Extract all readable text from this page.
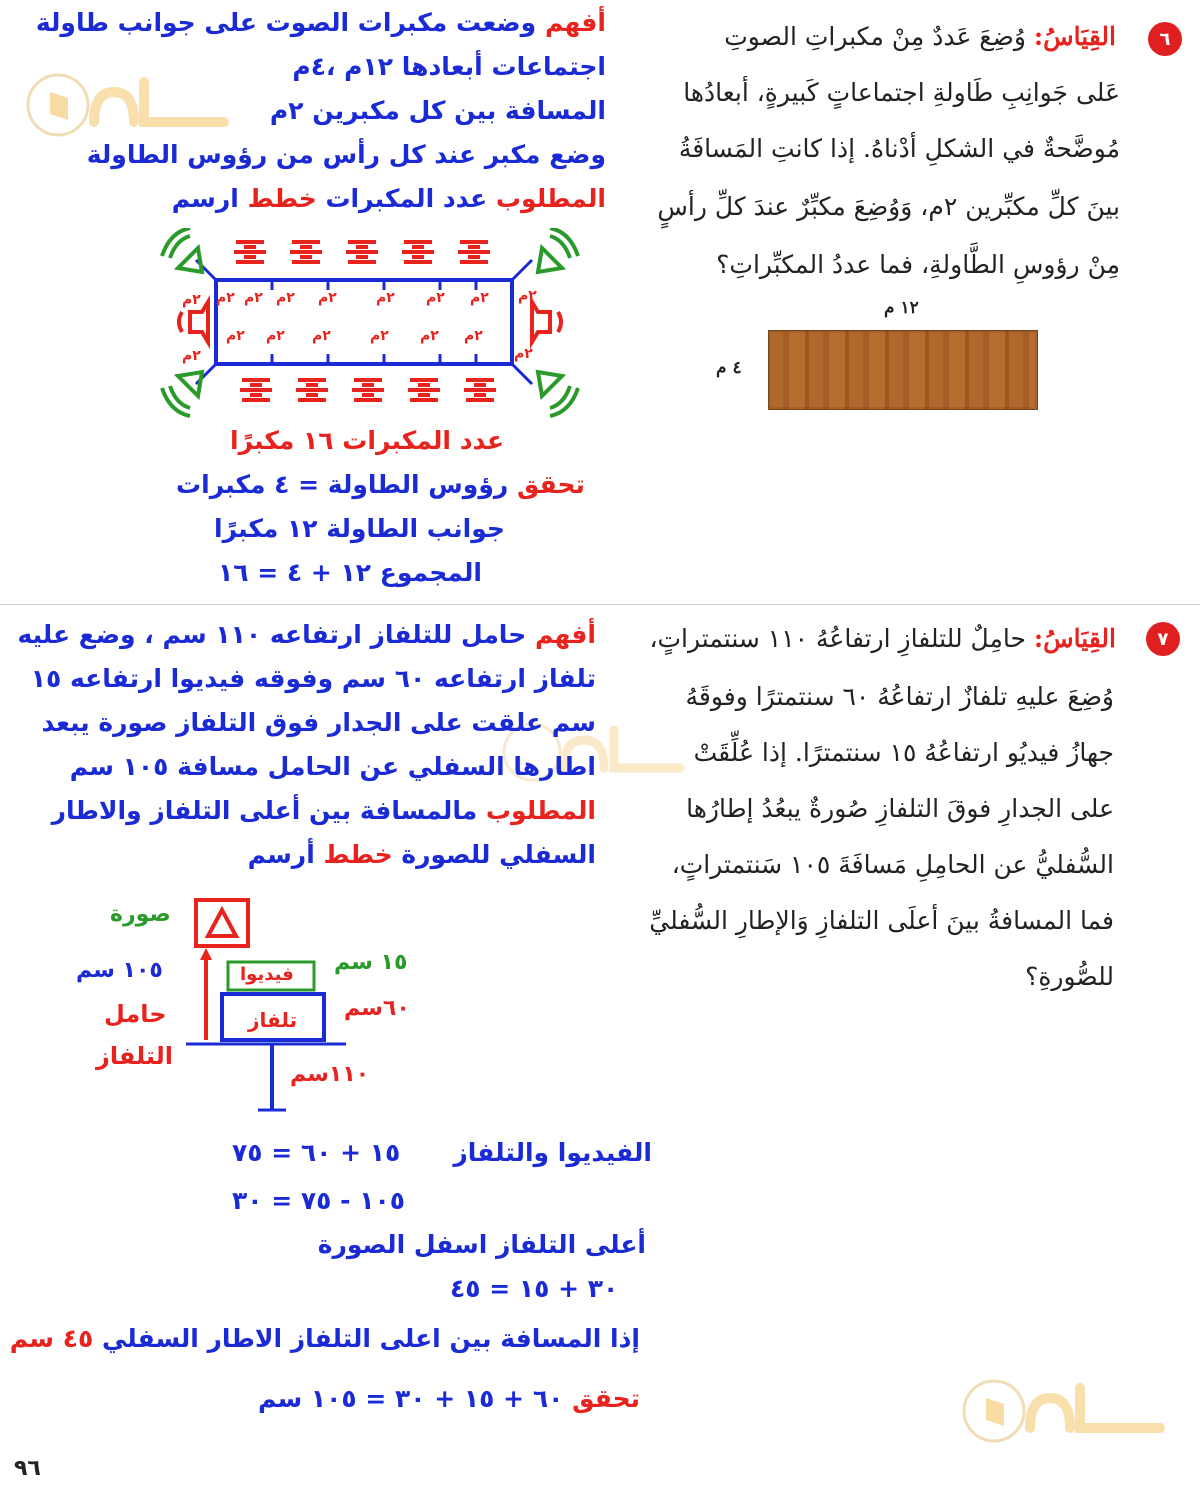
٦
القِيَاسُ: وُضِعَ عَددٌ مِنْ مكبراتِ الصوتِ
عَلى جَوانِبِ طَاولةِ اجتماعاتٍ كَبيرةٍ، أبعادُها
مُوضَّحةٌ في الشكلِ أدْناهُ. إذا كانتِ المَسافَةُ
بينَ كلِّ مكبِّرين ٢م، وَوُضِعَ مكبِّرٌ عندَ كلِّ رأسٍ
مِنْ رؤوسِ الطَّاولةِ، فما عددُ المكبِّراتِ؟
١٢ م
٤ م
أفهم وضعت مكبرات الصوت على جوانب طاولة
اجتماعات أبعادها ١٢م ،٤م
المسافة بين كل مكبرين ٢م
وضع مكبر عند كل رأس من رؤوس الطاولة
المطلوب عدد المكبرات خطط ارسم
٢م ٢م ٢م ٢م	٢م ٢م ٢م
٢م ٢م ٢م	٢م ٢م ٢م
٢م
٢م
٢م
٢م
عدد المكبرات ١٦ مكبرًا
تحقق رؤوس الطاولة = ٤ مكبرات
جوانب الطاولة ١٢ مكبرًا
المجموع ١٢ + ٤ = ١٦
٧
القِيَاسُ: حامِلٌ للتلفازِ ارتفاعُهُ ١١٠ سنتمتراتٍ،
وُضِعَ عليهِ تلفازٌ ارتفاعُهُ ٦٠ سنتمترًا وفوقَهُ
جهازُ فيديُو ارتفاعُهُ ١٥ سنتمترًا. إذا عُلِّقَتْ
على الجدارِ فوقَ التلفازِ صُورةٌ يبعُدُ إطارُها
السُّفليُّ عن الحامِلِ مَسافَةَ ١٠٥ سَنتمتراتٍ،
فما المسافةُ بينَ أعلَى التلفازِ وَالإطارِ السُّفليِّ
للصُّورةِ؟
أفهم حامل للتلفاز ارتفاعه ١١٠ سم ، وضع عليه
تلفاز ارتفاعه ٦٠ سم وفوقه فيديوا ارتفاعه ١٥
سم علقت على الجدار فوق التلفاز صورة يبعد
اطارها السفلي عن الحامل مسافة ١٠٥ سم
المطلوب مالمسافة بين أعلى التلفاز والاطار
السفلي للصورة خطط أرسم
صورة
فيديوا
تلفاز
١٥ سم
٦٠سم
١١٠سم
١٠٥ سم
حامل
التلفاز
الفيديوا والتلفاز
١٥ + ٦٠ = ٧٥
١٠٥ - ٧٥ = ٣٠
أعلى التلفاز اسفل الصورة
٣٠ + ١٥ = ٤٥
إذا المسافة بين اعلى التلفاز الاطار السفلي ٤٥ سم
تحقق ٦٠ + ١٥ + ٣٠ = ١٠٥ سم
٩٦
